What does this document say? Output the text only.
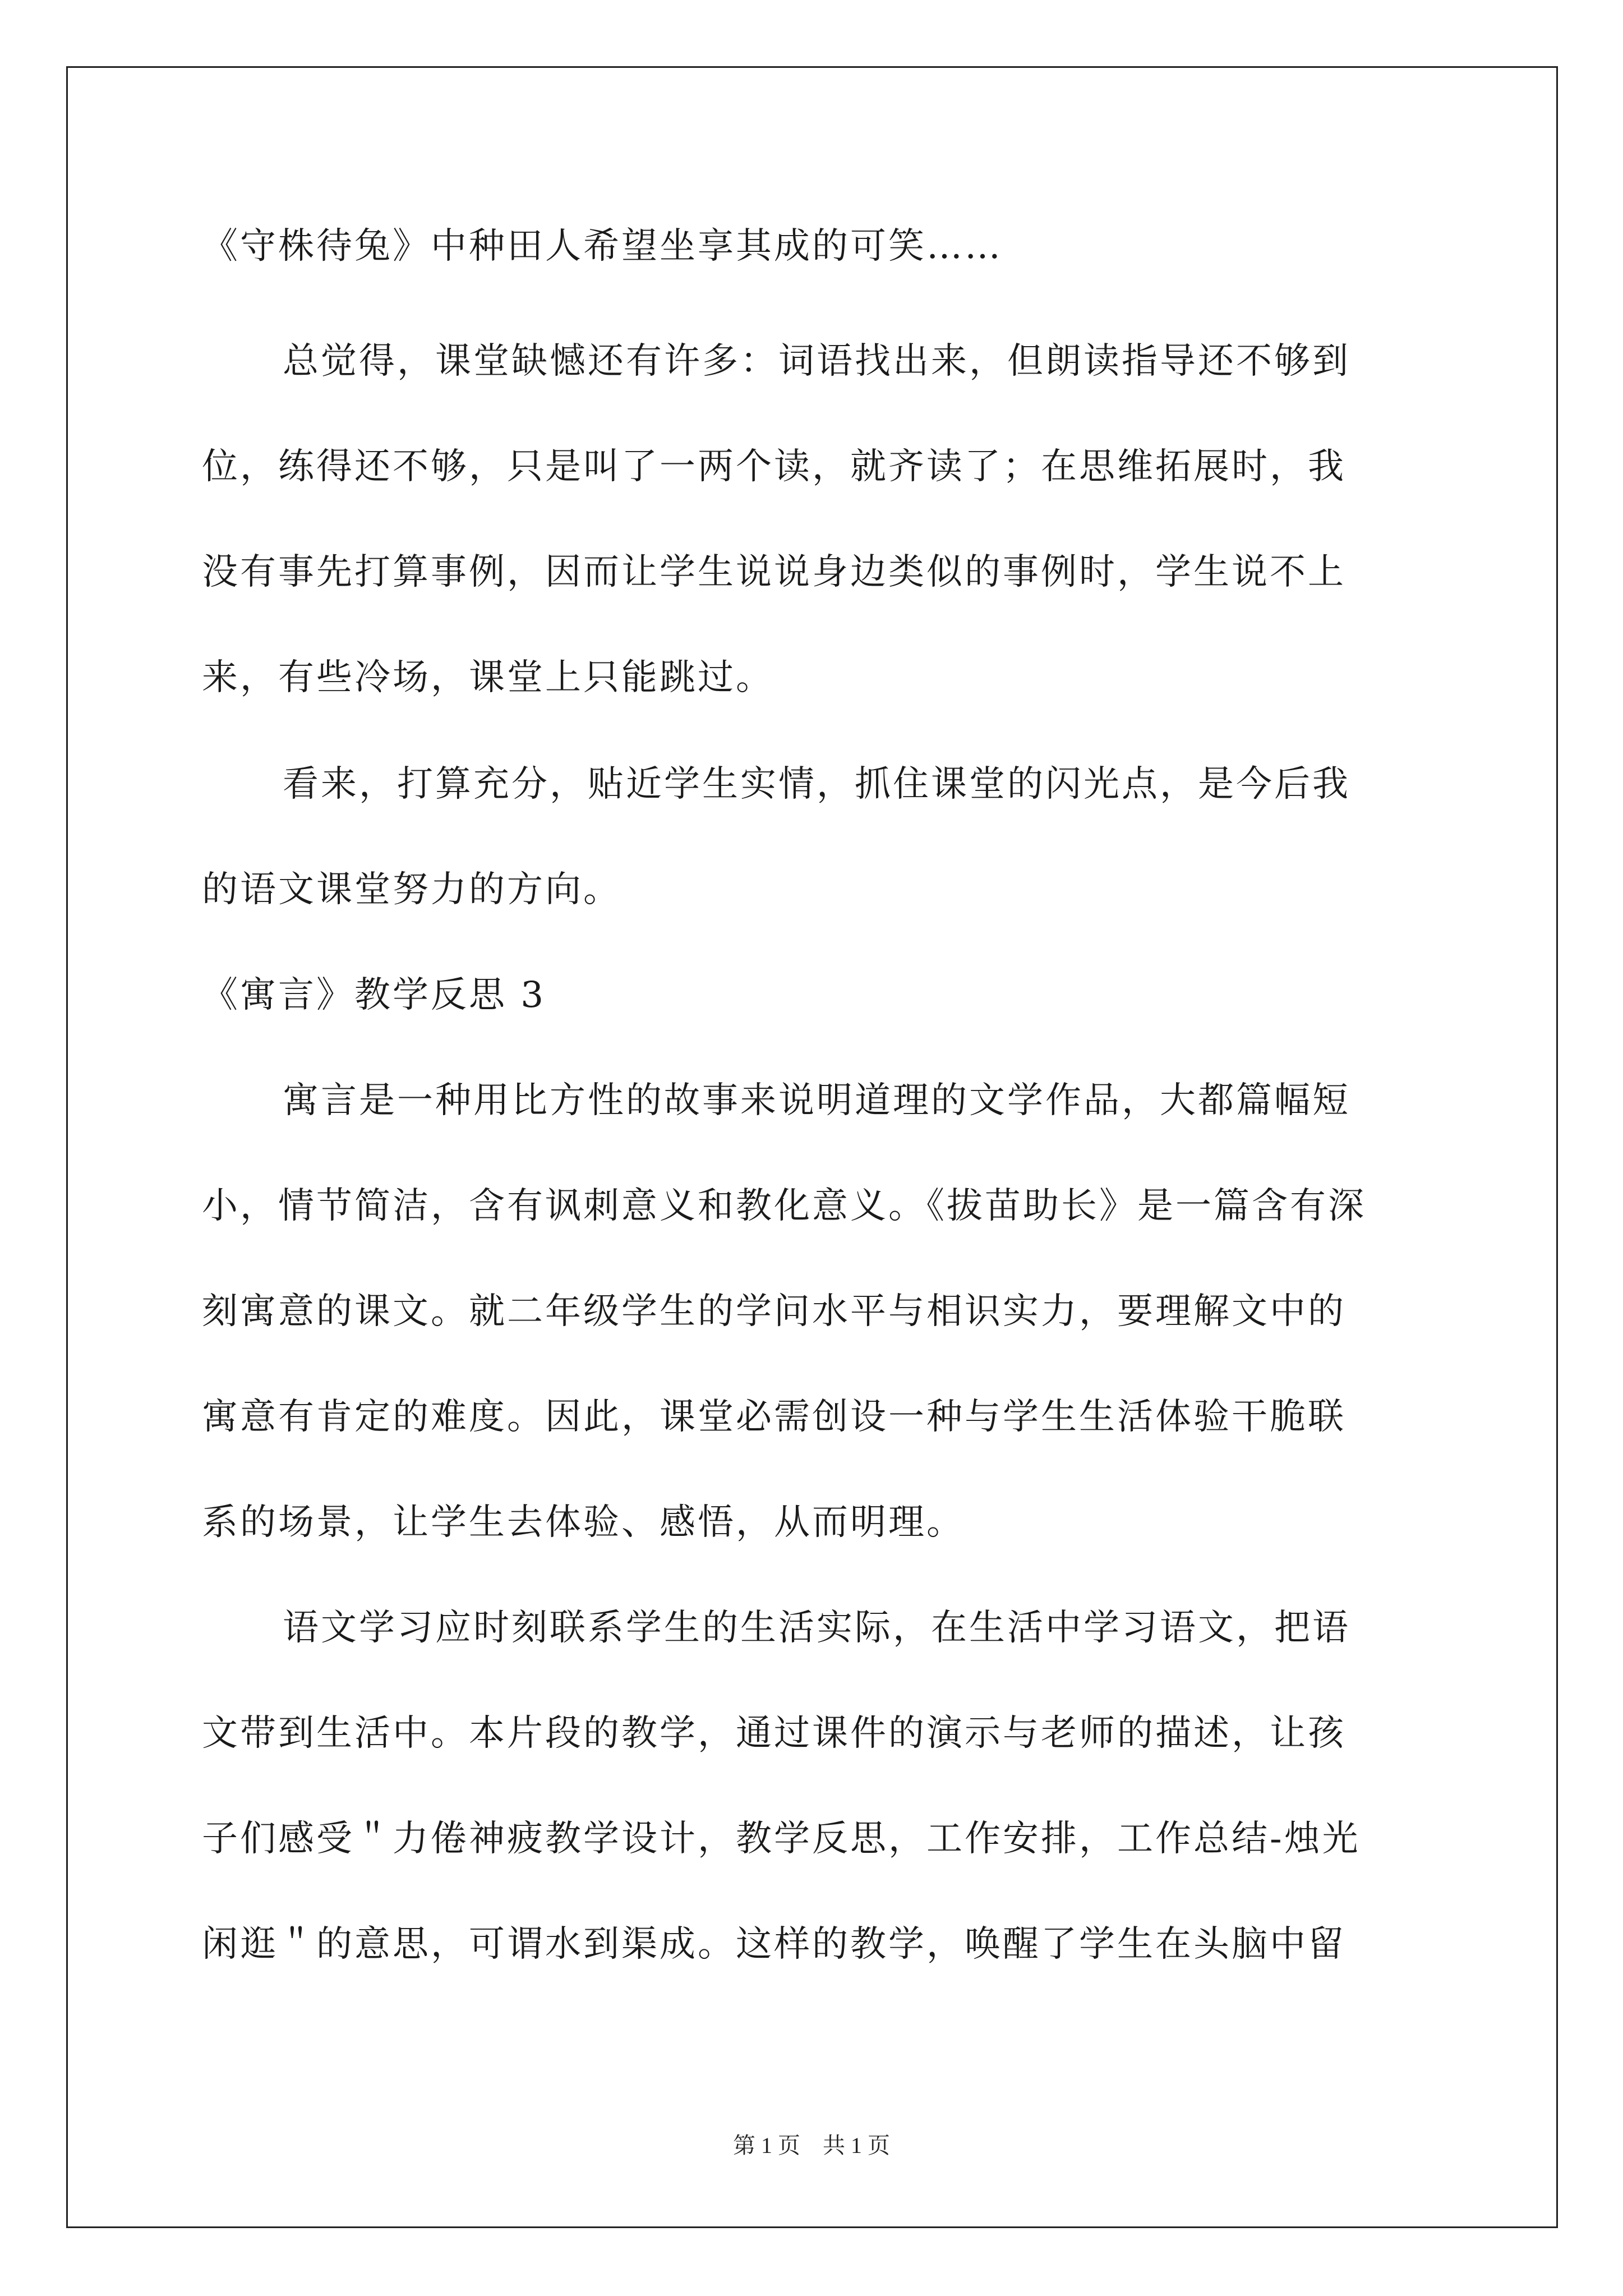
《守株待兔》中种田人希望坐享其成的可笑……
总觉得，课堂缺憾还有许多：词语找出来，但朗读指导还不够到
位，练得还不够，只是叫了一两个读，就齐读了；在思维拓展时，我
没有事先打算事例，因而让学生说说身边类似的事例时，学生说不上
来，有些冷场，课堂上只能跳过。
看来，打算充分，贴近学生实情，抓住课堂的闪光点，是今后我
的语文课堂努力的方向。
《寓言》教学反思 3
寓言是一种用比方性的故事来说明道理的文学作品，大都篇幅短
小，情节简洁，含有讽刺意义和教化意义。《拔苗助长》是一篇含有深
刻寓意的课文。就二年级学生的学问水平与相识实力，要理解文中的
寓意有肯定的难度。因此，课堂必需创设一种与学生生活体验干脆联
系的场景，让学生去体验、感悟，从而明理。
语文学习应时刻联系学生的生活实际，在生活中学习语文，把语
文带到生活中。本片段的教学，通过课件的演示与老师的描述，让孩
子们感受＂力倦神疲教学设计，教学反思，工作安排，工作总结-烛光
闲逛＂的意思，可谓水到渠成。这样的教学，唤醒了学生在头脑中留
第 1 页　共 1 页
